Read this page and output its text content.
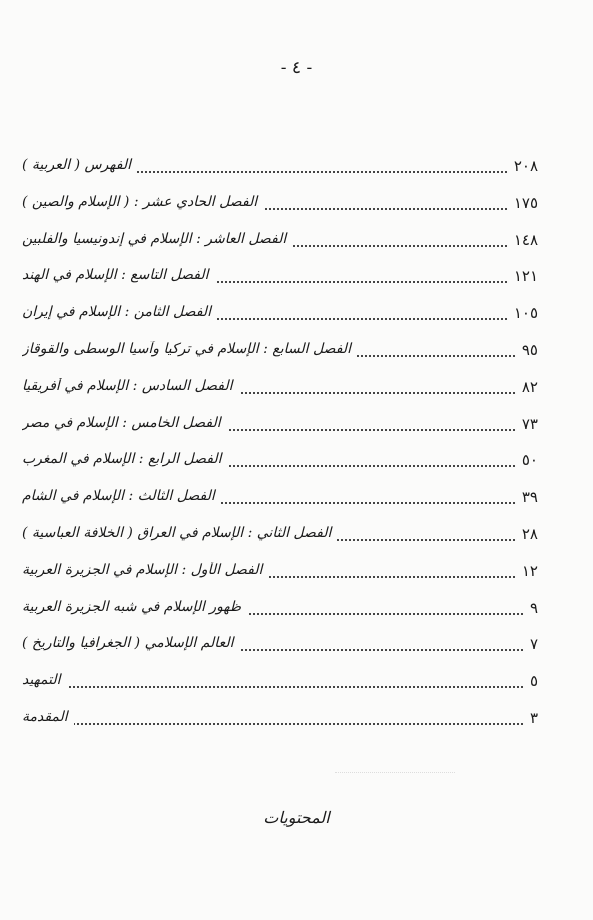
- ٤ -
الفهرس ( العربية )	٢٠٨
الفصل الحادي عشر : ( الإسلام والصين )	١٧٥
الفصل العاشر : الإسلام في إندونيسيا والفلبين	١٤٨
الفصل التاسع : الإسلام في الهند	١٢١
الفصل الثامن : الإسلام في إيران	١٠٥
الفصل السابع : الإسلام في تركيا وآسيا الوسطى والقوقاز	٩٥
الفصل السادس : الإسلام في أفريقيا	٨٢
الفصل الخامس : الإسلام في مصر	٧٣
الفصل الرابع : الإسلام في المغرب	٥٠
الفصل الثالث : الإسلام في الشام	٣٩
الفصل الثاني : الإسلام في العراق ( الخلافة العباسية )	٢٨
الفصل الأول : الإسلام في الجزيرة العربية	١٢
ظهور الإسلام في شبه الجزيرة العربية	٩
( الجغرافيا والتاريخ ) العالم الإسلامي	٧
التمهيد	٥
المقدمة	٣
المحتويات
